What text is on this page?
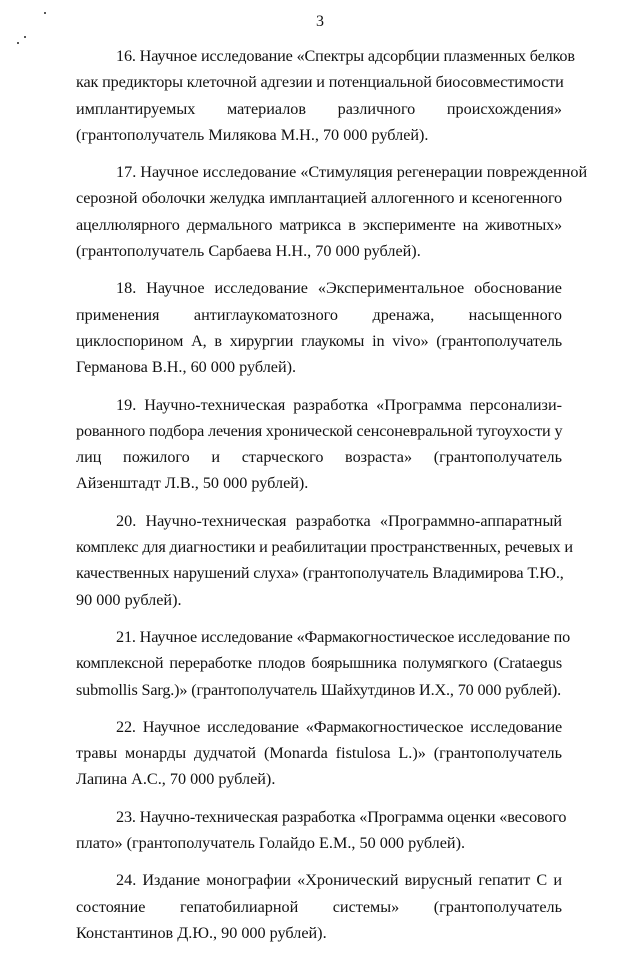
3
16. Научное исследование «Спектры адсорбции плазменных белков
как предикторы клеточной адгезии и потенциальной биосовместимости
имплантируемых материалов различного происхождения»
(грантополучатель Милякова М.Н., 70 000 рублей).
17. Научное исследование «Стимуляция регенерации поврежденной
серозной оболочки желудка имплантацией аллогенного и ксеногенного
ацеллюлярного дермального матрикса в эксперименте на животных»
(грантополучатель Сарбаева Н.Н., 70 000 рублей).
18. Научное исследование «Экспериментальное обоснование
применения антиглаукоматозного дренажа, насыщенного
циклоспорином А, в хирургии глаукомы in vivo» (грантополучатель
Германова В.Н., 60 000 рублей).
19. Научно-техническая разработка «Программа персонализи-
рованного подбора лечения хронической сенсоневральной тугоухости у
лиц пожилого и старческого возраста» (грантополучатель
Айзенштадт Л.В., 50 000 рублей).
20. Научно-техническая разработка «Программно-аппаратный
комплекс для диагностики и реабилитации пространственных, речевых и
качественных нарушений слуха» (грантополучатель Владимирова Т.Ю.,
90 000 рублей).
21. Научное исследование «Фармакогностическое исследование по
комплексной переработке плодов боярышника полумягкого (Crataegus
submollis Sarg.)» (грантополучатель Шайхутдинов И.Х., 70 000 рублей).
22. Научное исследование «Фармакогностическое исследование
травы монарды дудчатой (Monarda fistulosa L.)» (грантополучатель
Лапина А.С., 70 000 рублей).
23. Научно-техническая разработка «Программа оценки «весового
плато» (грантополучатель Голайдо Е.М., 50 000 рублей).
24. Издание монографии «Хронический вирусный гепатит С и
состояние гепатобилиарной системы» (грантополучатель
Константинов Д.Ю., 90 000 рублей).
